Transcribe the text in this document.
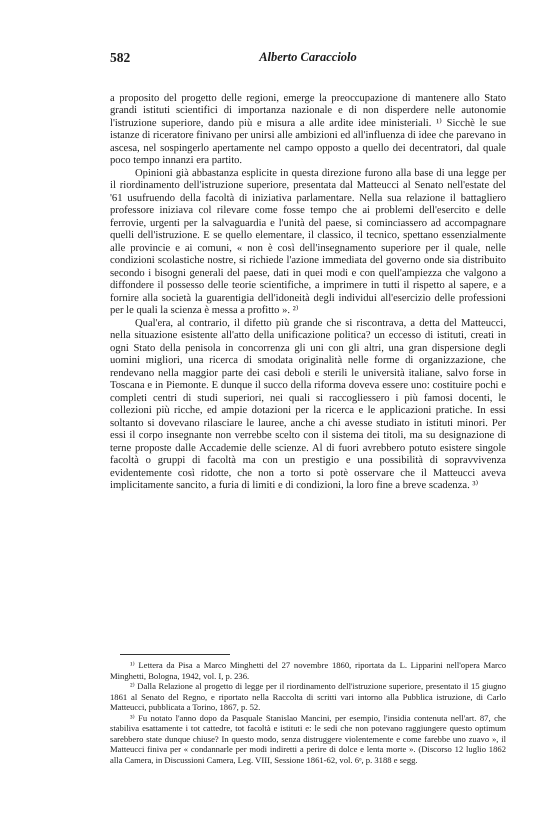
582	Alberto Caracciolo

a proposito del progetto delle regioni, emerge la preoccupazione di mantenere allo Stato grandi istituti scientifici di importanza nazionale e di non disperdere nelle autonomie l'istruzione superiore, dando più e misura a alle ardite idee ministeriali. ¹⁾ Sicchè le sue istanze di riceratore finivano per unirsi alle ambizioni ed all'influenza di idee che parevano in ascesa, nel sospingerlo apertamente nel campo opposto a quello dei decentratori, dal quale poco tempo innanzi era partito.

Opinioni già abbastanza esplicite in questa direzione furono alla base di una legge per il riordinamento dell'istruzione superiore, presentata dal Matteucci al Senato nell'estate del '61 usufruendo della facoltà di iniziativa parlamentare. Nella sua relazione il battagliero professore iniziava col rilevare come fosse tempo che ai problemi dell'esercito e delle ferrovie, urgenti per la salvaguardia e l'unità del paese, si cominciassero ad accompagnare quelli dell'istruzione. E se quello elementare, il classico, il tecnico, spettano essenzialmente alle provincie e ai comuni, « non è così dell'insegnamento superiore per il quale, nelle condizioni scolastiche nostre, si richiede l'azione immediata del governo onde sia distribuito secondo i bisogni generali del paese, dati in quei modi e con quell'ampiezza che valgono a diffondere il possesso delle teorie scientifiche, a imprimere in tutti il rispetto al sapere, e a fornire alla società la guarentigia dell'idoneità degli individui all'esercizio delle professioni per le quali la scienza è messa a profitto ». ²⁾

Qual'era, al contrario, il difetto più grande che si riscontrava, a detta del Matteucci, nella situazione esistente all'atto della unificazione politica? un eccesso di istituti, creati in ogni Stato della penisola in concorrenza gli uni con gli altri, una gran dispersione degli uomini migliori, una ricerca di smodata originalità nelle forme di organizzazione, che rendevano nella maggior parte dei casi deboli e sterili le università italiane, salvo forse in Toscana e in Piemonte. E dunque il succo della riforma doveva essere uno: costituire pochi e completi centri di studi superiori, nei quali si raccogliessero i più famosi docenti, le collezioni più ricche, ed ampie dotazioni per la ricerca e le applicazioni pratiche. In essi soltanto si dovevano rilasciare le lauree, anche a chi avesse studiato in istituti minori. Per essi il corpo insegnante non verrebbe scelto con il sistema dei titoli, ma su designazione di terne proposte dalle Accademie delle scienze. Al di fuori avrebbero potuto esistere singole facoltà o gruppi di facoltà ma con un prestigio e una possibilità di sopravvivenza evidentemente così ridotte, che non a torto si potè osservare che il Matteucci aveva implicitamente sancito, a furia di limiti e di condizioni, la loro fine a breve scadenza. ³⁾

¹⁾ Lettera da Pisa a Marco Minghetti del 27 novembre 1860, riportata da L. Lipparini nell'opera Marco Minghetti, Bologna, 1942, vol. I, p. 236.

²⁾ Dalla Relazione al progetto di legge per il riordinamento dell'istruzione superiore, presentato il 15 giugno 1861 al Senato del Regno, e riportato nella Raccolta di scritti vari intorno alla Pubblica istruzione, di Carlo Matteucci, pubblicata a Torino, 1867, p. 52.

³⁾ Fu notato l'anno dopo da Pasquale Stanislao Mancini, per esempio, l'insidia contenuta nell'art. 87, che stabiliva esattamente i tot cattedre, tot facoltà e istituti e: le sedi che non potevano raggiungere questo optimum sarebbero state dunque chiuse? In questo modo, senza distruggere violentemente e come farebbe uno zuavo », il Matteucci finiva per « condannarle per modi indiretti a perire di dolce e lenta morte ». (Discorso 12 luglio 1862 alla Camera, in Discussioni Camera, Leg. VIII, Sessione 1861-62, vol. 6ᵒ, p. 3188 e segg.
